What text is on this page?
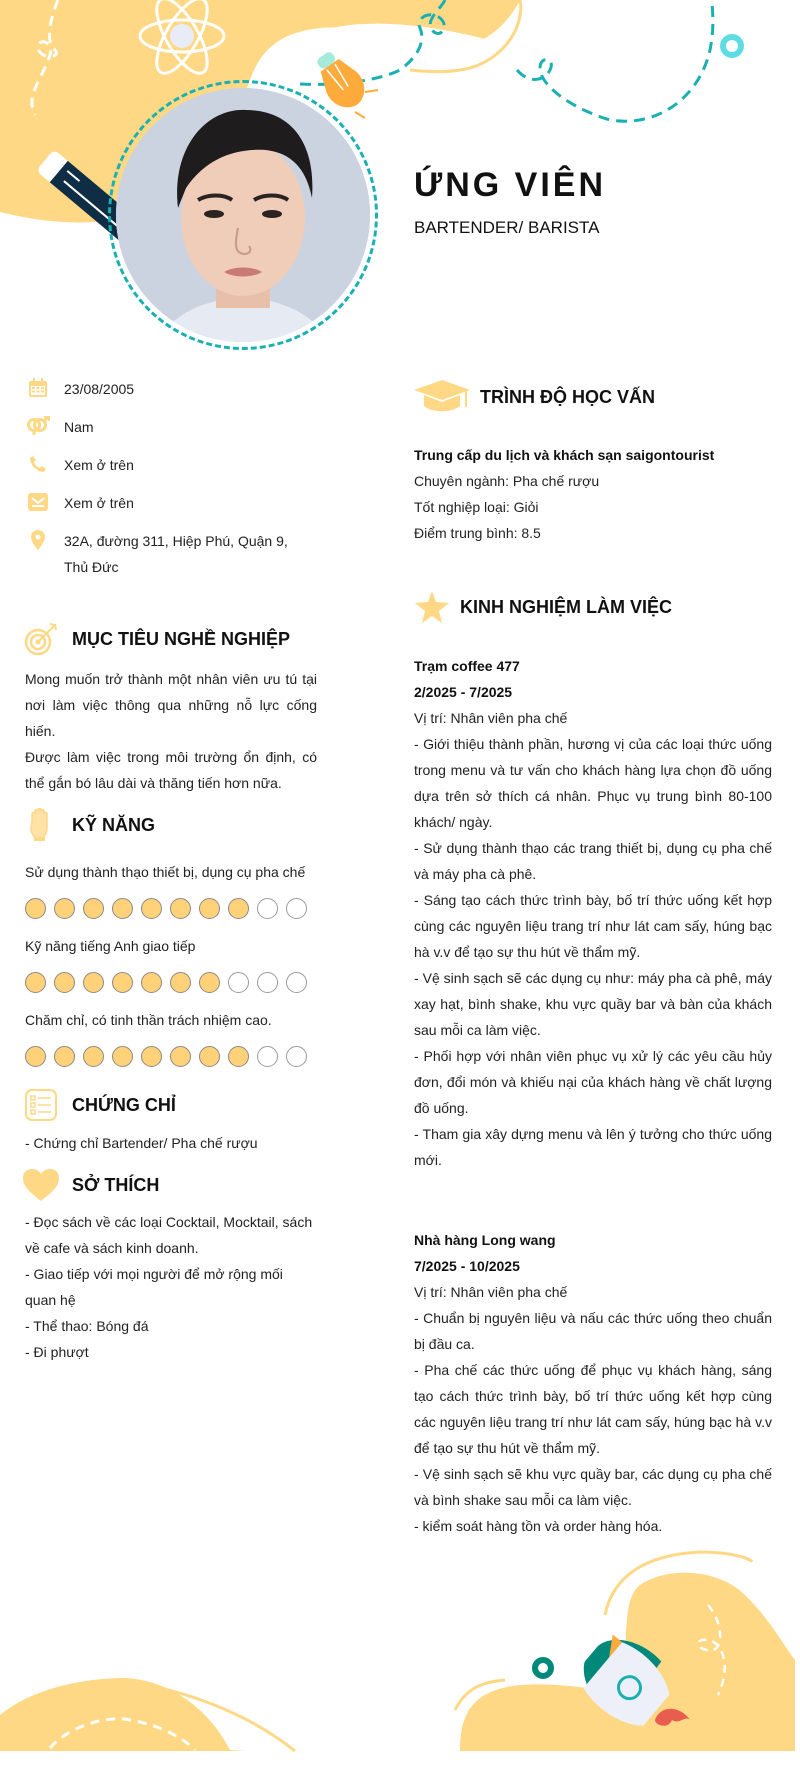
ỨNG VIÊN
BARTENDER/ BARISTA
23/08/2005
Nam
Xem ở trên
Xem ở trên
32A, đường 311, Hiệp Phú, Quận 9, Thủ Đức
MỤC TIÊU NGHỀ NGHIỆP

Mong muốn trở thành một nhân viên ưu tú tại nơi làm việc thông qua những nỗ lực cống hiến.

Được làm việc trong môi trường ổn định, có thể gắn bó lâu dài và thăng tiến hơn nữa.

KỸ NĂNG
Sử dụng thành thạo thiết bị, dụng cụ pha chế
Kỹ năng tiếng Anh giao tiếp
Chăm chỉ, có tinh thần trách nhiệm cao.
CHỨNG CHỈ

- Chứng chỉ Bartender/ Pha chế rượu

SỞ THÍCH

- Đọc sách về các loại Cocktail, Mocktail, sách về cafe và sách kinh doanh.

- Giao tiếp với mọi người để mở rộng mối quan hệ

- Thể thao: Bóng đá

- Đi phượt

TRÌNH ĐỘ HỌC VẤN

Trung cấp du lịch và khách sạn saigontourist

Chuyên ngành: Pha chế rượu

Tốt nghiệp loại: Giỏi

Điểm trung bình: 8.5

KINH NGHIỆM LÀM VIỆC

Trạm coffee 477

2/2025 - 7/2025

Vị trí: Nhân viên pha chế

- Giới thiệu thành phần, hương vị của các loại thức uống trong menu và tư vấn cho khách hàng lựa chọn đồ uống dựa trên sở thích cá nhân. Phục vụ trung bình 80-100 khách/ ngày.

- Sử dụng thành thạo các trang thiết bị, dụng cụ pha chế và máy pha cà phê.

- Sáng tạo cách thức trình bày, bố trí thức uống kết hợp cùng các nguyên liệu trang trí như lát cam sấy, húng bạc hà v.v để tạo sự thu hút về thẩm mỹ.

- Vệ sinh sạch sẽ các dụng cụ như: máy pha cà phê, máy xay hạt, bình shake, khu vực quầy bar và bàn của khách sau mỗi ca làm việc.

- Phối hợp với nhân viên phục vụ xử lý các yêu cầu hủy đơn, đổi món và khiếu nại của khách hàng về chất lượng đồ uống.

- Tham gia xây dựng menu và lên ý tưởng cho thức uống mới.

Nhà hàng Long wang

7/2025 - 10/2025

Vị trí: Nhân viên pha chế

- Chuẩn bị nguyên liệu và nấu các thức uống theo chuẩn bị đầu ca.

- Pha chế các thức uống để phục vụ khách hàng, sáng tạo cách thức trình bày, bố trí thức uống kết hợp cùng các nguyên liệu trang trí như lát cam sấy, húng bạc hà v.v để tạo sự thu hút về thẩm mỹ.

- Vệ sinh sạch sẽ khu vực quầy bar, các dụng cụ pha chế và bình shake sau mỗi ca làm việc.

- kiểm soát hàng tồn và order hàng hóa.
